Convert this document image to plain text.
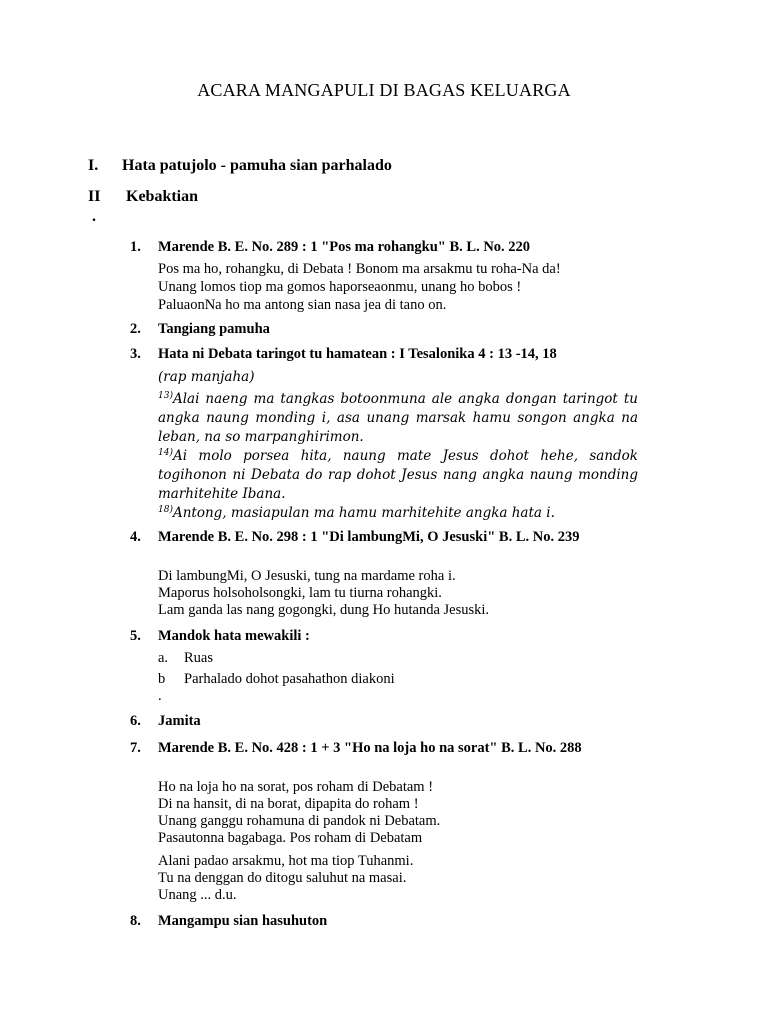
ACARA MANGAPULI DI BAGAS KELUARGA
I. Hata patujolo - pamuha sian parhalado
II Kebaktian
.
1. Marende B. E. No. 289 : 1 "Pos ma rohangku" B. L. No. 220
Pos ma ho, rohangku, di Debata ! Bonom ma arsakmu tu roha-Na da!
Unang lomos tiop ma gomos haporseaonmu, unang ho bobos !
PaluaonNa ho ma antong sian nasa jea di tano on.
2. Tangiang pamuha
3. Hata ni Debata taringot tu hamatean : I Tesalonika 4 : 13 -14, 18
(rap manjaha)
$^{13)}$Alai naeng ma tangkas botoonmuna ale angka dongan taringot tu angka naung monding i, asa unang marsak hamu songon angka na leban, na so marpanghirimon.
$^{14)}$Ai molo porsea hita, naung mate Jesus dohot hehe, sandok togihonon ni Debata do rap dohot Jesus nang angka naung monding marhitehite Ibana.
$^{18)}$Antong, masiapulan ma hamu marhitehite angka hata i.
4. Marende B. E. No. 298 : 1 "Di lambungMi, O Jesuski" B. L. No. 239
Di lambungMi, O Jesuski, tung na mardame roha i.
Maporus holsoholsongki, lam tu tiurna rohangki.
Lam ganda las nang gogongki, dung Ho hutanda Jesuski.
5. Mandok hata mewakili :
a. Ruas
b Parhalado dohot pasahathon diakoni
.
6. Jamita
7. Marende B. E. No. 428 : 1 + 3 "Ho na loja ho na sorat" B. L. No. 288
Ho na loja ho na sorat, pos roham di Debatam !
Di na hansit, di na borat, dipapita do roham !
Unang ganggu rohamuna di pandok ni Debatam.
Pasautonna bagabaga. Pos roham di Debatam
Alani padao arsakmu, hot ma tiop Tuhanmi.
Tu na denggan do ditogu saluhut na masai.
Unang ... d.u.
8. Mangampu sian hasuhuton
